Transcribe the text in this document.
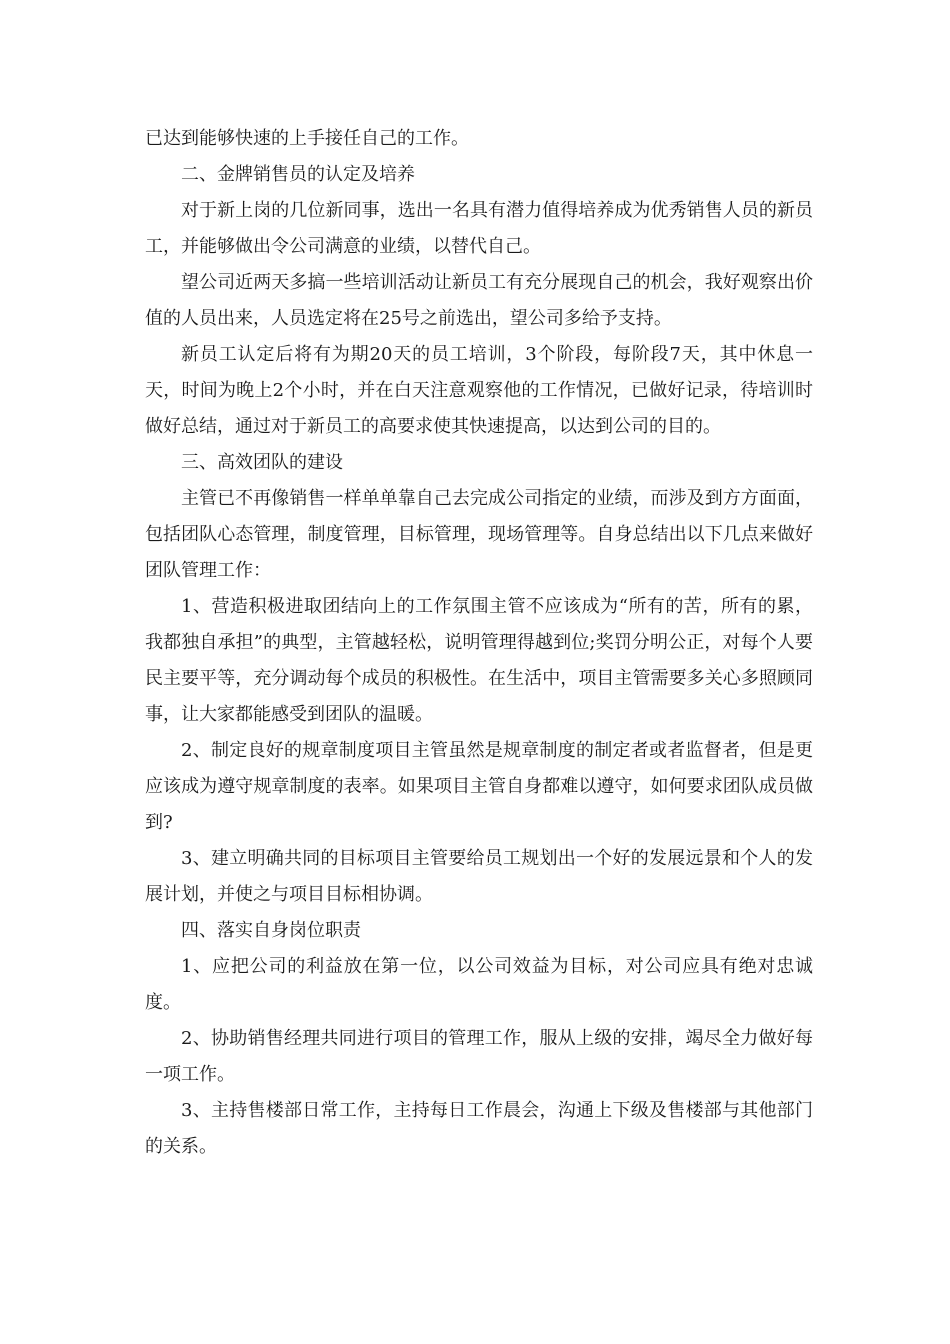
已达到能够快速的上手接任自己的工作。

二、金牌销售员的认定及培养

对于新上岗的几位新同事，选出一名具有潜力值得培养成为优秀销售人员的新员工，并能够做出令公司满意的业绩，以替代自己。

望公司近两天多搞一些培训活动让新员工有充分展现自己的机会，我好观察出价值的人员出来，人员选定将在25号之前选出，望公司多给予支持。

新员工认定后将有为期20天的员工培训，3个阶段，每阶段7天，其中休息一天，时间为晚上2个小时，并在白天注意观察他的工作情况，已做好记录，待培训时做好总结，通过对于新员工的高要求使其快速提高，以达到公司的目的。

三、高效团队的建设

主管已不再像销售一样单单靠自己去完成公司指定的业绩，而涉及到方方面面，包括团队心态管理，制度管理，目标管理，现场管理等。自身总结出以下几点来做好团队管理工作：

1、营造积极进取团结向上的工作氛围主管不应该成为“所有的苦，所有的累，我都独自承担”的典型，主管越轻松，说明管理得越到位;奖罚分明公正，对每个人要民主要平等，充分调动每个成员的积极性。在生活中，项目主管需要多关心多照顾同事，让大家都能感受到团队的温暖。

2、制定良好的规章制度项目主管虽然是规章制度的制定者或者监督者，但是更应该成为遵守规章制度的表率。如果项目主管自身都难以遵守，如何要求团队成员做到?

3、建立明确共同的目标项目主管要给员工规划出一个好的发展远景和个人的发展计划，并使之与项目目标相协调。

四、落实自身岗位职责

1、应把公司的利益放在第一位，以公司效益为目标，对公司应具有绝对忠诚度。

2、协助销售经理共同进行项目的管理工作，服从上级的安排，竭尽全力做好每一项工作。

3、主持售楼部日常工作，主持每日工作晨会，沟通上下级及售楼部与其他部门的关系。
